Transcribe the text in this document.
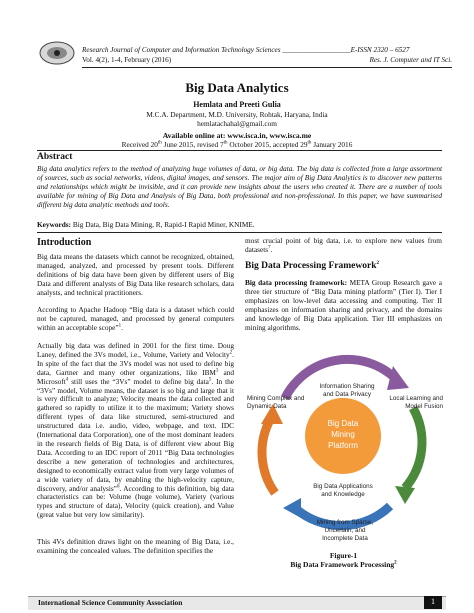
Research Journal of Computer and Information Technology Sciences ___________________E-ISSN 2320 – 6527
Vol. 4(2), 1-4, February (2016)	Res. J. Computer and IT Sci.
Big Data Analytics
Hemlata and Preeti Gulia
M.C.A. Department, M.D. University, Rohtak, Haryana, India
hemlatachahal@gmail.com
Available online at: www.isca.in, www.isca.me
Received 20th June 2015, revised 7th October 2015, accepted 29th January 2016
Abstract
Big data analytics refers to the method of analyzing huge volumes of data, or big data. The big data is collected from a large assortment of sources, such as social networks, videos, digital images, and sensors. The major aim of Big Data Analytics is to discover new patterns and relationships which might be invisible, and it can provide new insights about the users who created it. There are a number of tools available for mining of Big Data and Analysis of Big Data, both professional and non-professional. In this paper, we have summarised different big data analytic methods and tools.
Keywords: Big Data, Big Data Mining, R, Rapid-I Rapid Miner, KNIME.
Introduction
Big data means the datasets which cannot be recognized, obtained, managed, analyzed, and processed by present tools. Different definitions of big data have been given by different users of Big Data and different analysts of Big Data like research scholars, data analysts, and technical practitioners.
According to Apache Hadoop “Big data is a dataset which could not be captured, managed, and processed by general computers within an acceptable scope”$^1$.
Actually big data was defined in 2001 for the first time. Doug Laney, defined the 3Vs model, i.e., Volume, Variety and Velocity$^2$. In spite of the fact that the 3Vs model was not used to define big data, Gartner and many other organizations, like IBM$^3$ and Microsoft$^4$ still uses the “3Vs” model to define big data$^5$. In the “3Vs” model, Volume means, the dataset is so big and large that it is very difficult to analyze; Velocity means the data collected and gathered so rapidly to utilize it to the maximum; Variety shows different types of data like structured, semi-structured and unstructured data i.e. audio, video, webpage, and text. IDC (International data Corporation), one of the most dominant leaders in the research fields of Big Data, is of different view about Big Data. According to an IDC report of 2011 “Big Data technologies describe a new generation of technologies and architectures, designed to economically extract value from very large volumes of a wide variety of data, by enabling the high-velocity capture, discovery, and/or analysis”$^6$. According to this definition, big data characteristics can be: Volume (huge volume), Variety (various types and structure of data), Velocity (quick creation), and Value (great value but very low similarity).
This 4Vs definition draws light on the meaning of Big Data, i.e., examining the concealed values. The definition specifies the
most crucial point of big data, i.e. to explore new values from datasets$^7$.
Big Data Processing Framework$^2$
Big data processing framework: META Group Research gave a three tier structure of “Big Data mining platform” (Tier I). Tier I emphasizes on low-level data accessing and computing. Tier II emphasizes on information sharing and privacy, and the domains and knowledge of Big Data application. Tier III emphasizes on mining algorithms.
Big Data
Mining
Platform
Information Sharing
and Data Privacy
Mining Complex and
Dynamic Data
Local Learning and
Model Fusion
Big Data Applications
and Knowledge
Mining from Sparse,
Uncertain, and
Incomplete Data
Figure-1
Big Data Framework Processing$^2$
International Science Community Association	1
